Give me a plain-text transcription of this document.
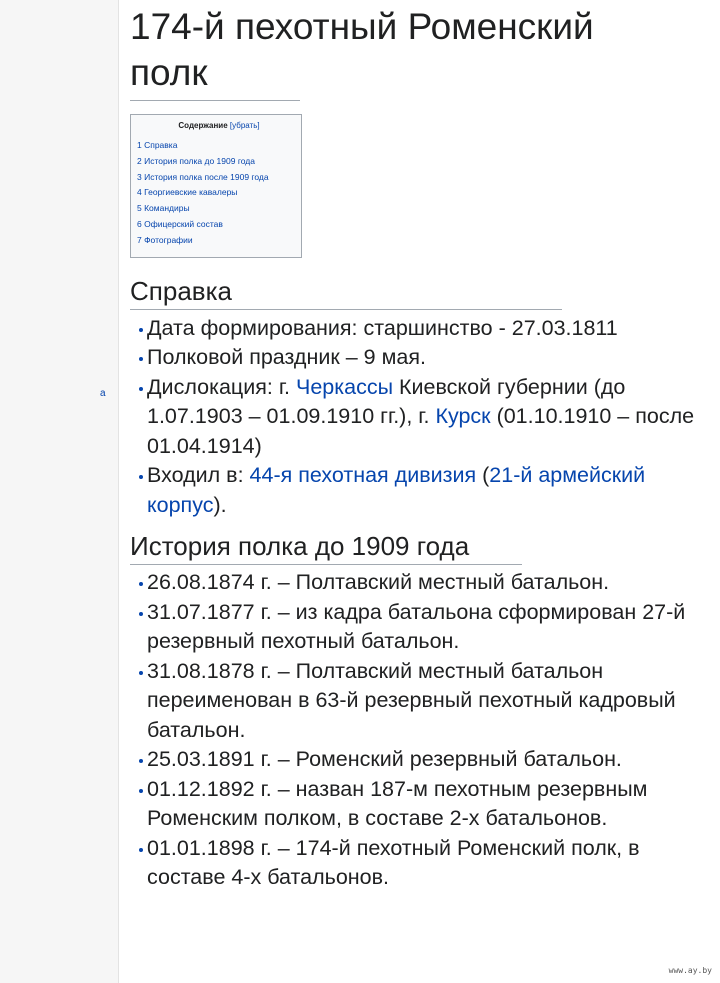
a
174-й пехотный Роменский полк
Содержание [убрать]
1 Справка
2 История полка до 1909 года
3 История полка после 1909 года
4 Георгиевские кавалеры
5 Командиры
6 Офицерский состав
7 Фотографии
Справка
Дата формирования: старшинство - 27.03.1811
Полковой праздник – 9 мая.
Дислокация: г. Черкассы Киевской губернии (до 1.07.1903 – 01.09.1910 гг.), г. Курск (01.10.1910 – после 01.04.1914)
Входил в: 44-я пехотная дивизия (21-й армейский корпус).
История полка до 1909 года
26.08.1874 г. – Полтавский местный батальон.
31.07.1877 г. – из кадра батальона сформирован 27-й резервный пехотный батальон.
31.08.1878 г. – Полтавский местный батальон переименован в 63-й резервный пехотный кадровый батальон.
25.03.1891 г. – Роменский резервный батальон.
01.12.1892 г. – назван 187-м пехотным резервным Роменским полком, в составе 2-х батальонов.
01.01.1898 г. – 174-й пехотный Роменский полк, в составе 4-х батальонов.
www.ay.by
